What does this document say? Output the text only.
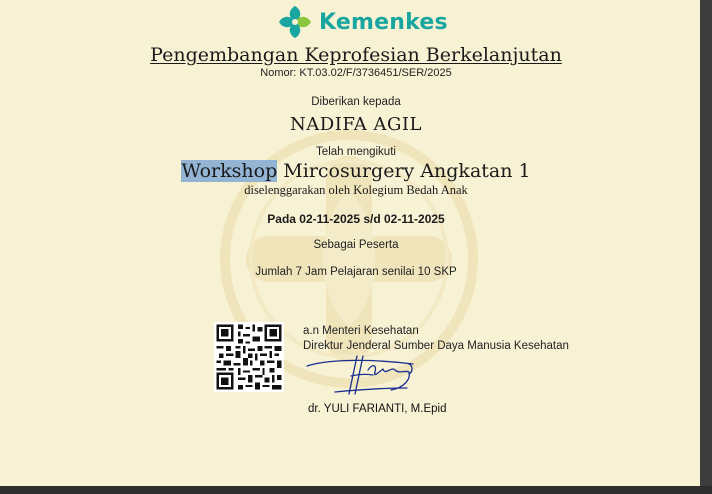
Kemenkes
Pengembangan Keprofesian Berkelanjutan
Nomor: KT.03.02/F/3736451/SER/2025
Diberikan kepada
NADIFA AGIL
Telah mengikuti
Workshop Mircosurgery Angkatan 1
diselenggarakan oleh Kolegium Bedah Anak
Pada 02-11-2025 s/d 02-11-2025
Sebagai Peserta
Jumlah 7 Jam Pelajaran senilai 10 SKP
a.n Menteri Kesehatan
Direktur Jenderal Sumber Daya Manusia Kesehatan
dr. YULI FARIANTI, M.Epid
